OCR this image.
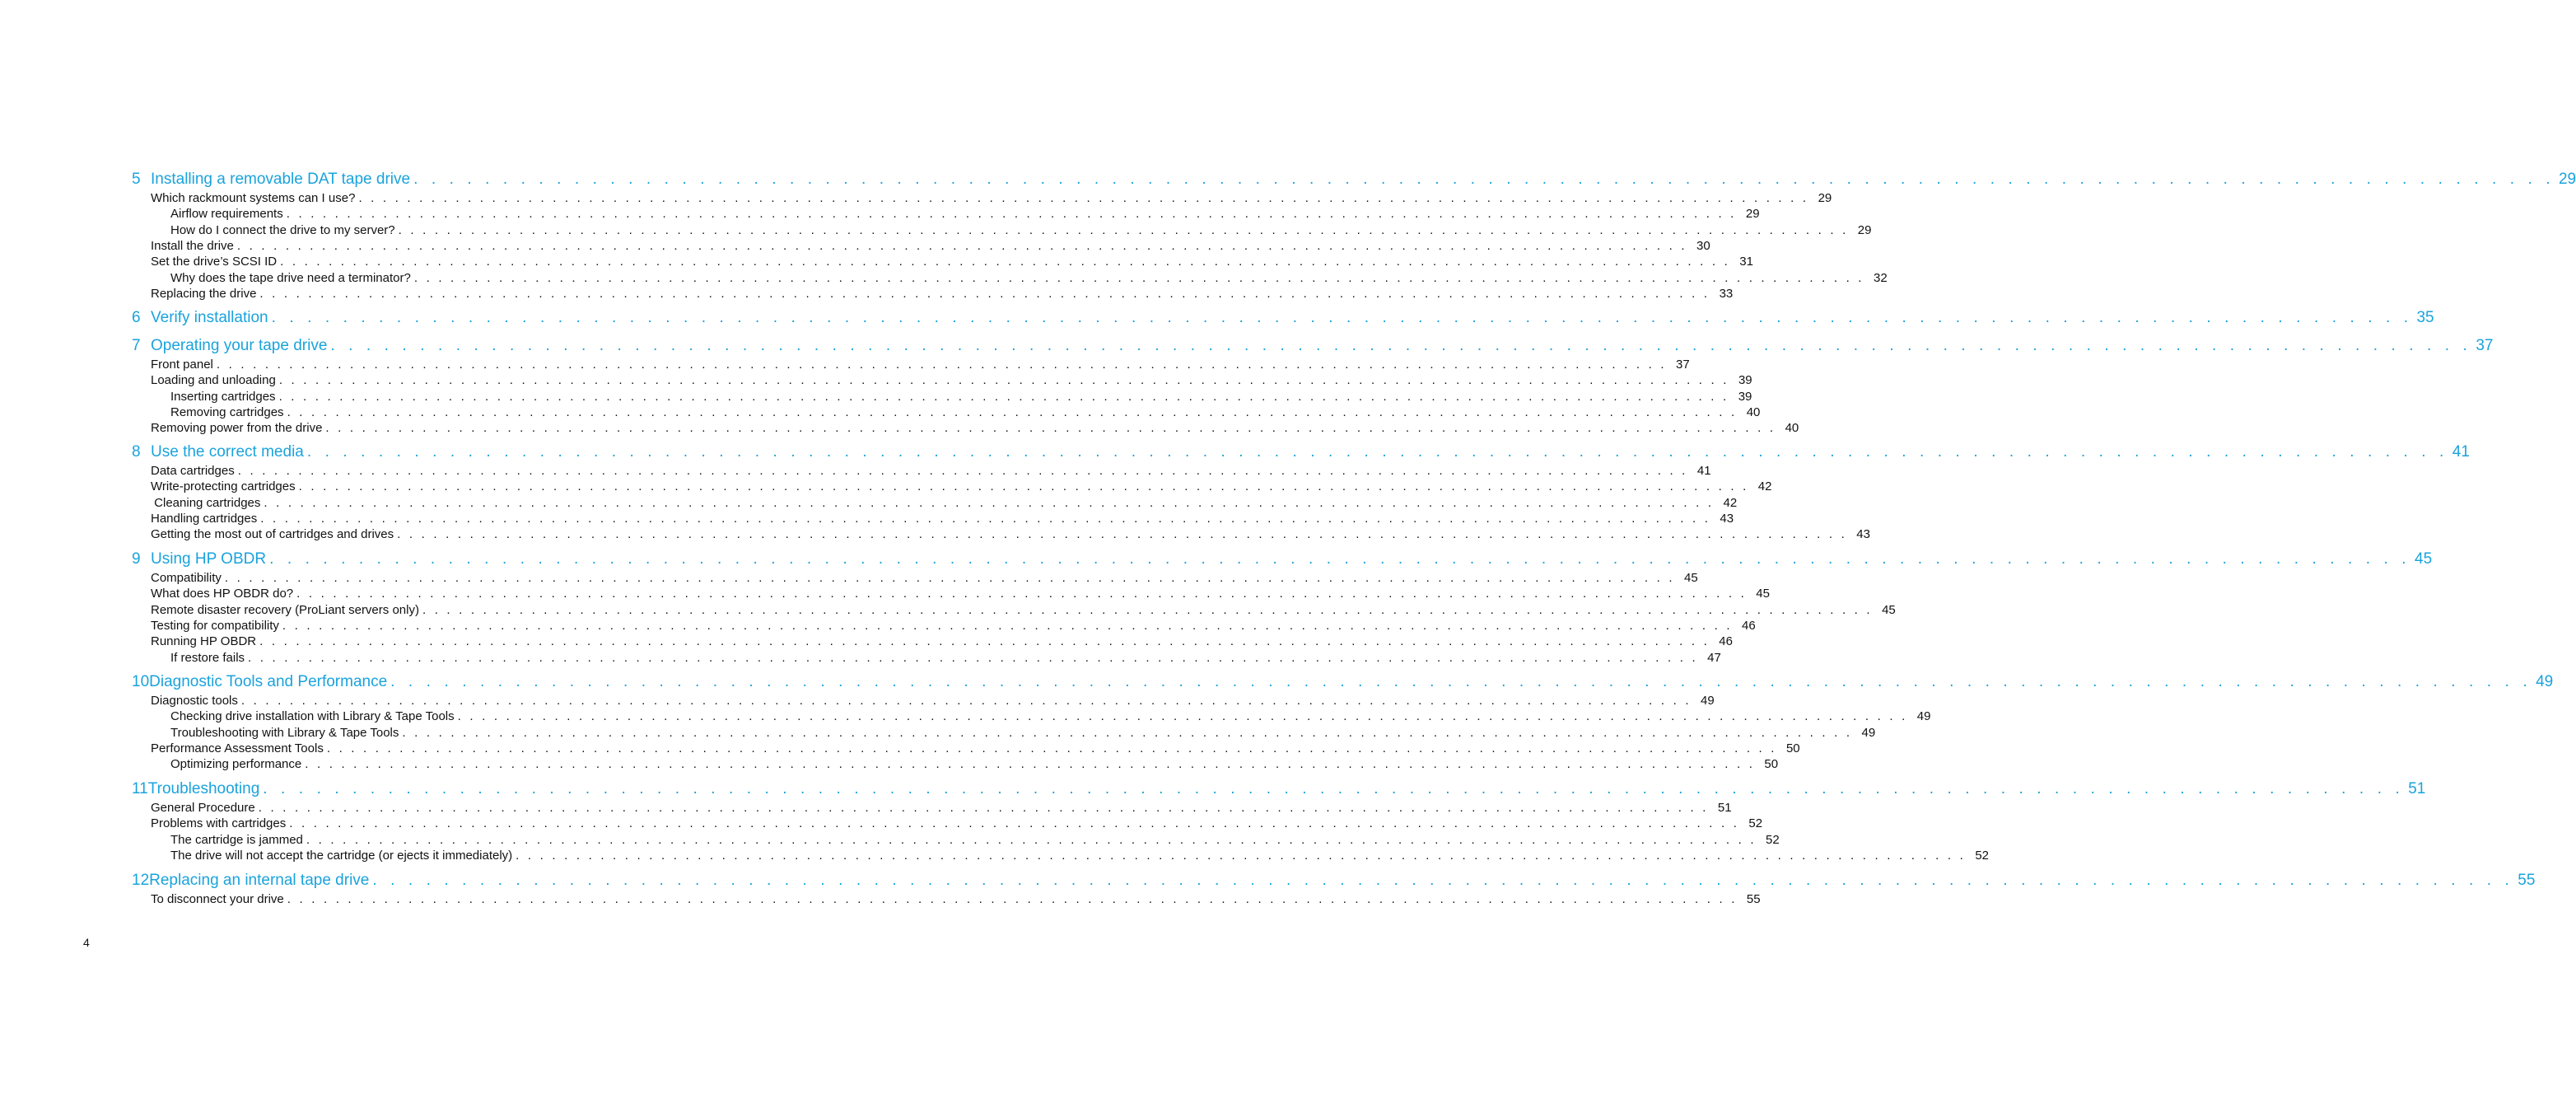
5 Installing a removable DAT tape drive . . . . . . . . . . . . . . . . . . . . . . . . . . . . . . . . . . . . . . . . . . . . . . . . . . . . . . . . . . . . . . . . . . . . . . . . . . . . . . . . . . . . . . . . . . . . . . . . . . . . . . . . . . . . . . . . . . . . . . . . 29
Which rackmount systems can I use? . . . . . . . . . . . . . . . . . . . . . . . . . . . . . . . . . . . . . . . . . . . . . . . . . . . . . . . . . . . . . . . . . . . . . . . . . . . . . . . . . . . . . . . . . . . . . . . . . . . . . . . . . . . . . . . . . . . . . . . . 29
Airflow requirements . . . . . . . . . . . . . . . . . . . . . . . . . . . . . . . . . . . . . . . . . . . . . . . . . . . . . . . . . . . . . . . . . . . . . . . . . . . . . . . . . . . . . . . . . . . . . . . . . . . . . . . . . . . . . . . . . . . . . . . . 29
How do I connect the drive to my server? . . . . . . . . . . . . . . . . . . . . . . . . . . . . . . . . . . . . . . . . . . . . . . . . . . . . . . . . . . . . . . . . . . . . . . . . . . . . . . . . . . . . . . . . . . . . . . . . . . . . . . . . . . . . . . . . . . . . . . . . 29
Install the drive . . . . . . . . . . . . . . . . . . . . . . . . . . . . . . . . . . . . . . . . . . . . . . . . . . . . . . . . . . . . . . . . . . . . . . . . . . . . . . . . . . . . . . . . . . . . . . . . . . . . . . . . . . . . . . . . . . . . . . . . 30
Set the drive’s SCSI ID . . . . . . . . . . . . . . . . . . . . . . . . . . . . . . . . . . . . . . . . . . . . . . . . . . . . . . . . . . . . . . . . . . . . . . . . . . . . . . . . . . . . . . . . . . . . . . . . . . . . . . . . . . . . . . . . . . . . . . . . 31
Why does the tape drive need a terminator? . . . . . . . . . . . . . . . . . . . . . . . . . . . . . . . . . . . . . . . . . . . . . . . . . . . . . . . . . . . . . . . . . . . . . . . . . . . . . . . . . . . . . . . . . . . . . . . . . . . . . . . . . . . . . . . . . . . . . . . . 32
Replacing the drive . . . . . . . . . . . . . . . . . . . . . . . . . . . . . . . . . . . . . . . . . . . . . . . . . . . . . . . . . . . . . . . . . . . . . . . . . . . . . . . . . . . . . . . . . . . . . . . . . . . . . . . . . . . . . . . . . . . . . . . . 33
6 Verify installation . . . . . . . . . . . . . . . . . . . . . . . . . . . . . . . . . . . . . . . . . . . . . . . . . . . . . . . . . . . . . . . . . . . . . . . . . . . . . . . . . . . . . . . . . . . . . . . . . . . . . . . . . . . . . . . . . . . . . . . . 35
7 Operating your tape drive . . . . . . . . . . . . . . . . . . . . . . . . . . . . . . . . . . . . . . . . . . . . . . . . . . . . . . . . . . . . . . . . . . . . . . . . . . . . . . . . . . . . . . . . . . . . . . . . . . . . . . . . . . . . . . . . . . . . . . . . 37
Front panel . . . . . . . . . . . . . . . . . . . . . . . . . . . . . . . . . . . . . . . . . . . . . . . . . . . . . . . . . . . . . . . . . . . . . . . . . . . . . . . . . . . . . . . . . . . . . . . . . . . . . . . . . . . . . . . . . . . . . . . . 37
Loading and unloading . . . . . . . . . . . . . . . . . . . . . . . . . . . . . . . . . . . . . . . . . . . . . . . . . . . . . . . . . . . . . . . . . . . . . . . . . . . . . . . . . . . . . . . . . . . . . . . . . . . . . . . . . . . . . . . . . . . . . . . . 39
Inserting cartridges . . . . . . . . . . . . . . . . . . . . . . . . . . . . . . . . . . . . . . . . . . . . . . . . . . . . . . . . . . . . . . . . . . . . . . . . . . . . . . . . . . . . . . . . . . . . . . . . . . . . . . . . . . . . . . . . . . . . . . . . 39
Removing cartridges . . . . . . . . . . . . . . . . . . . . . . . . . . . . . . . . . . . . . . . . . . . . . . . . . . . . . . . . . . . . . . . . . . . . . . . . . . . . . . . . . . . . . . . . . . . . . . . . . . . . . . . . . . . . . . . . . . . . . . . . 40
Removing power from the drive . . . . . . . . . . . . . . . . . . . . . . . . . . . . . . . . . . . . . . . . . . . . . . . . . . . . . . . . . . . . . . . . . . . . . . . . . . . . . . . . . . . . . . . . . . . . . . . . . . . . . . . . . . . . . . . . . . . . . . . . 40
8 Use the correct media . . . . . . . . . . . . . . . . . . . . . . . . . . . . . . . . . . . . . . . . . . . . . . . . . . . . . . . . . . . . . . . . . . . . . . . . . . . . . . . . . . . . . . . . . . . . . . . . . . . . . . . . . . . . . . . . . . . . . . . . 41
Data cartridges . . . . . . . . . . . . . . . . . . . . . . . . . . . . . . . . . . . . . . . . . . . . . . . . . . . . . . . . . . . . . . . . . . . . . . . . . . . . . . . . . . . . . . . . . . . . . . . . . . . . . . . . . . . . . . . . . . . . . . . . 41
Write-protecting cartridges . . . . . . . . . . . . . . . . . . . . . . . . . . . . . . . . . . . . . . . . . . . . . . . . . . . . . . . . . . . . . . . . . . . . . . . . . . . . . . . . . . . . . . . . . . . . . . . . . . . . . . . . . . . . . . . . . . . . . . . . 42
Cleaning cartridges . . . . . . . . . . . . . . . . . . . . . . . . . . . . . . . . . . . . . . . . . . . . . . . . . . . . . . . . . . . . . . . . . . . . . . . . . . . . . . . . . . . . . . . . . . . . . . . . . . . . . . . . . . . . . . . . . . . . . . . . 42
Handling cartridges . . . . . . . . . . . . . . . . . . . . . . . . . . . . . . . . . . . . . . . . . . . . . . . . . . . . . . . . . . . . . . . . . . . . . . . . . . . . . . . . . . . . . . . . . . . . . . . . . . . . . . . . . . . . . . . . . . . . . . . . 43
Getting the most out of cartridges and drives . . . . . . . . . . . . . . . . . . . . . . . . . . . . . . . . . . . . . . . . . . . . . . . . . . . . . . . . . . . . . . . . . . . . . . . . . . . . . . . . . . . . . . . . . . . . . . . . . . . . . . . . . . . . . . . . . . . . . . . . 43
9 Using HP OBDR . . . . . . . . . . . . . . . . . . . . . . . . . . . . . . . . . . . . . . . . . . . . . . . . . . . . . . . . . . . . . . . . . . . . . . . . . . . . . . . . . . . . . . . . . . . . . . . . . . . . . . . . . . . . . . . . . . . . . . . . 45
Compatibility . . . . . . . . . . . . . . . . . . . . . . . . . . . . . . . . . . . . . . . . . . . . . . . . . . . . . . . . . . . . . . . . . . . . . . . . . . . . . . . . . . . . . . . . . . . . . . . . . . . . . . . . . . . . . . . . . . . . . . . . 45
What does HP OBDR do? . . . . . . . . . . . . . . . . . . . . . . . . . . . . . . . . . . . . . . . . . . . . . . . . . . . . . . . . . . . . . . . . . . . . . . . . . . . . . . . . . . . . . . . . . . . . . . . . . . . . . . . . . . . . . . . . . . . . . . . . 45
Remote disaster recovery (ProLiant servers only) . . . . . . . . . . . . . . . . . . . . . . . . . . . . . . . . . . . . . . . . . . . . . . . . . . . . . . . . . . . . . . . . . . . . . . . . . . . . . . . . . . . . . . . . . . . . . . . . . . . . . . . . . . . . . . . . . . . . . . . . 45
Testing for compatibility . . . . . . . . . . . . . . . . . . . . . . . . . . . . . . . . . . . . . . . . . . . . . . . . . . . . . . . . . . . . . . . . . . . . . . . . . . . . . . . . . . . . . . . . . . . . . . . . . . . . . . . . . . . . . . . . . . . . . . . . 46
Running HP OBDR . . . . . . . . . . . . . . . . . . . . . . . . . . . . . . . . . . . . . . . . . . . . . . . . . . . . . . . . . . . . . . . . . . . . . . . . . . . . . . . . . . . . . . . . . . . . . . . . . . . . . . . . . . . . . . . . . . . . . . . . 46
If restore fails . . . . . . . . . . . . . . . . . . . . . . . . . . . . . . . . . . . . . . . . . . . . . . . . . . . . . . . . . . . . . . . . . . . . . . . . . . . . . . . . . . . . . . . . . . . . . . . . . . . . . . . . . . . . . . . . . . . . . . . . 47
10 Diagnostic Tools and Performance . . . . . . . . . . . . . . . . . . . . . . . . . . . . . . . . . . . . . . . . . . . . . . . . . . . . . . . . . . . . . . . . . . . . . . . . . . . . . . . . . . . . . . . . . . . . . . . . . . . . . . . . . . . . . . . . . . . . . . . . 49
Diagnostic tools . . . . . . . . . . . . . . . . . . . . . . . . . . . . . . . . . . . . . . . . . . . . . . . . . . . . . . . . . . . . . . . . . . . . . . . . . . . . . . . . . . . . . . . . . . . . . . . . . . . . . . . . . . . . . . . . . . . . . . . . 49
Checking drive installation with Library & Tape Tools . . . . . . . . . . . . . . . . . . . . . . . . . . . . . . . . . . . . . . . . . . . . . . . . . . . . . . . . . . . . . . . . . . . . . . . . . . . . . . . . . . . . . . . . . . . . . . . . . . . . . . . . . . . . . . . . . . . . . . . . 49
Troubleshooting with Library & Tape Tools . . . . . . . . . . . . . . . . . . . . . . . . . . . . . . . . . . . . . . . . . . . . . . . . . . . . . . . . . . . . . . . . . . . . . . . . . . . . . . . . . . . . . . . . . . . . . . . . . . . . . . . . . . . . . . . . . . . . . . . . 49
Performance Assessment Tools . . . . . . . . . . . . . . . . . . . . . . . . . . . . . . . . . . . . . . . . . . . . . . . . . . . . . . . . . . . . . . . . . . . . . . . . . . . . . . . . . . . . . . . . . . . . . . . . . . . . . . . . . . . . . . . . . . . . . . . . 50
Optimizing performance . . . . . . . . . . . . . . . . . . . . . . . . . . . . . . . . . . . . . . . . . . . . . . . . . . . . . . . . . . . . . . . . . . . . . . . . . . . . . . . . . . . . . . . . . . . . . . . . . . . . . . . . . . . . . . . . . . . . . . . . 50
11 Troubleshooting . . . . . . . . . . . . . . . . . . . . . . . . . . . . . . . . . . . . . . . . . . . . . . . . . . . . . . . . . . . . . . . . . . . . . . . . . . . . . . . . . . . . . . . . . . . . . . . . . . . . . . . . . . . . . . . . . . . . . . . . 51
General Procedure . . . . . . . . . . . . . . . . . . . . . . . . . . . . . . . . . . . . . . . . . . . . . . . . . . . . . . . . . . . . . . . . . . . . . . . . . . . . . . . . . . . . . . . . . . . . . . . . . . . . . . . . . . . . . . . . . . . . . . . . 51
Problems with cartridges . . . . . . . . . . . . . . . . . . . . . . . . . . . . . . . . . . . . . . . . . . . . . . . . . . . . . . . . . . . . . . . . . . . . . . . . . . . . . . . . . . . . . . . . . . . . . . . . . . . . . . . . . . . . . . . . . . . . . . . . 52
The cartridge is jammed . . . . . . . . . . . . . . . . . . . . . . . . . . . . . . . . . . . . . . . . . . . . . . . . . . . . . . . . . . . . . . . . . . . . . . . . . . . . . . . . . . . . . . . . . . . . . . . . . . . . . . . . . . . . . . . . . . . . . . . . 52
The drive will not accept the cartridge (or ejects it immediately) . . . . . . . . . . . . . . . . . . . . . . . . . . . . . . . . . . . . . . . . . . . . . . . . . . . . . . . . . . . . . . . . . . . . . . . . . . . . . . . . . . . . . . . . . . . . . . . . . . . . . . . . . . . . . . . . . . . . . . . . 52
12 Replacing an internal tape drive . . . . . . . . . . . . . . . . . . . . . . . . . . . . . . . . . . . . . . . . . . . . . . . . . . . . . . . . . . . . . . . . . . . . . . . . . . . . . . . . . . . . . . . . . . . . . . . . . . . . . . . . . . . . . . . . . . . . . . . . 55
To disconnect your drive . . . . . . . . . . . . . . . . . . . . . . . . . . . . . . . . . . . . . . . . . . . . . . . . . . . . . . . . . . . . . . . . . . . . . . . . . . . . . . . . . . . . . . . . . . . . . . . . . . . . . . . . . . . . . . . . . . . . . . . . 55
4
